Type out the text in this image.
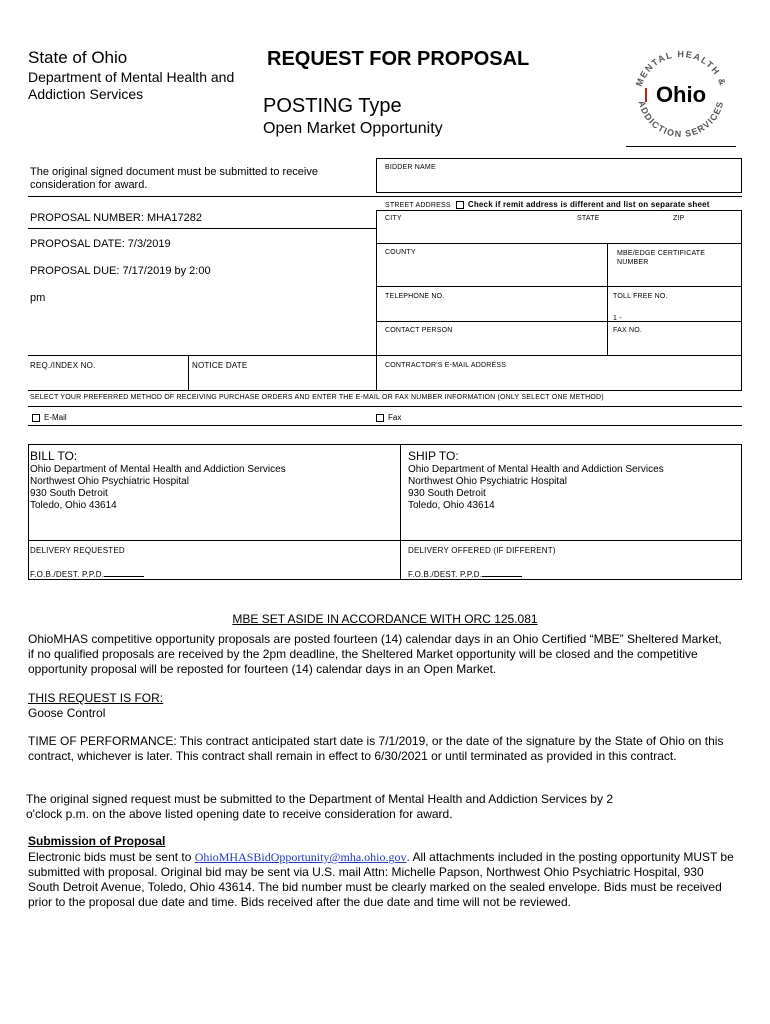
State of Ohio
Department of Mental Health and Addiction Services
REQUEST FOR PROPOSAL
POSTING Type
Open Market Opportunity
MENTAL HEALTH &
ADDICTION SERVICES
Ohio
The original signed document must be submitted to receive consideration for award.
PROPOSAL NUMBER: MHA17282
PROPOSAL DATE: 7/3/2019
PROPOSAL DUE: 7/17/2019 by 2:00
pm
REQ./INDEX NO.	NOTICE DATE
BIDDER NAME
STREET ADDRESS Check if remit address is different and list on separate sheet
CITY	STATE	ZIP
COUNTY	MBE/EDGE CERTIFICATE NUMBER
TELEPHONE NO.	TOLL FREE NO.
1 -
CONTACT PERSON	FAX NO.
CONTRACTOR'S E-MAIL ADDRESS
SELECT YOUR PREFERRED METHOD OF RECEIVING PURCHASE ORDERS AND ENTER THE E-MAIL OR FAX NUMBER INFORMATION (ONLY SELECT ONE METHOD)
E-Mail	Fax
BILL TO:
Ohio Department of Mental Health and Addiction Services
Northwest Ohio Psychiatric Hospital
930 South Detroit
Toledo, Ohio 43614
SHIP TO:
Ohio Department of Mental Health and Addiction Services
Northwest Ohio Psychiatric Hospital
930 South Detroit
Toledo, Ohio 43614
DELIVERY REQUESTED	DELIVERY OFFERED (IF DIFFERENT)
F.O.B./DEST. P.P.D.	F.O.B./DEST. P.P.D.
MBE SET ASIDE IN ACCORDANCE WITH ORC 125.081
OhioMHAS competitive opportunity proposals are posted fourteen (14) calendar days in an Ohio Certified “MBE” Sheltered Market, if no qualified proposals are received by the 2pm deadline, the Sheltered Market opportunity will be closed and the competitive opportunity proposal will be reposted for fourteen (14) calendar days in an Open Market.
THIS REQUEST IS FOR:
Goose Control
TIME OF PERFORMANCE: This contract anticipated start date is 7/1/2019, or the date of the signature by the State of Ohio on this contract, whichever is later. This contract shall remain in effect to 6/30/2021 or until terminated as provided in this contract.
The original signed request must be submitted to the Department of Mental Health and Addiction Services by 2 o'clock p.m. on the above listed opening date to receive consideration for award.
Submission of Proposal
Electronic bids must be sent to OhioMHASBidOpportunity@mha.ohio.gov. All attachments included in the posting opportunity MUST be submitted with proposal. Original bid may be sent via U.S. mail Attn: Michelle Papson, Northwest Ohio Psychiatric Hospital, 930 South Detroit Avenue, Toledo, Ohio 43614. The bid number must be clearly marked on the sealed envelope. Bids must be received prior to the proposal due date and time. Bids received after the due date and time will not be reviewed.
